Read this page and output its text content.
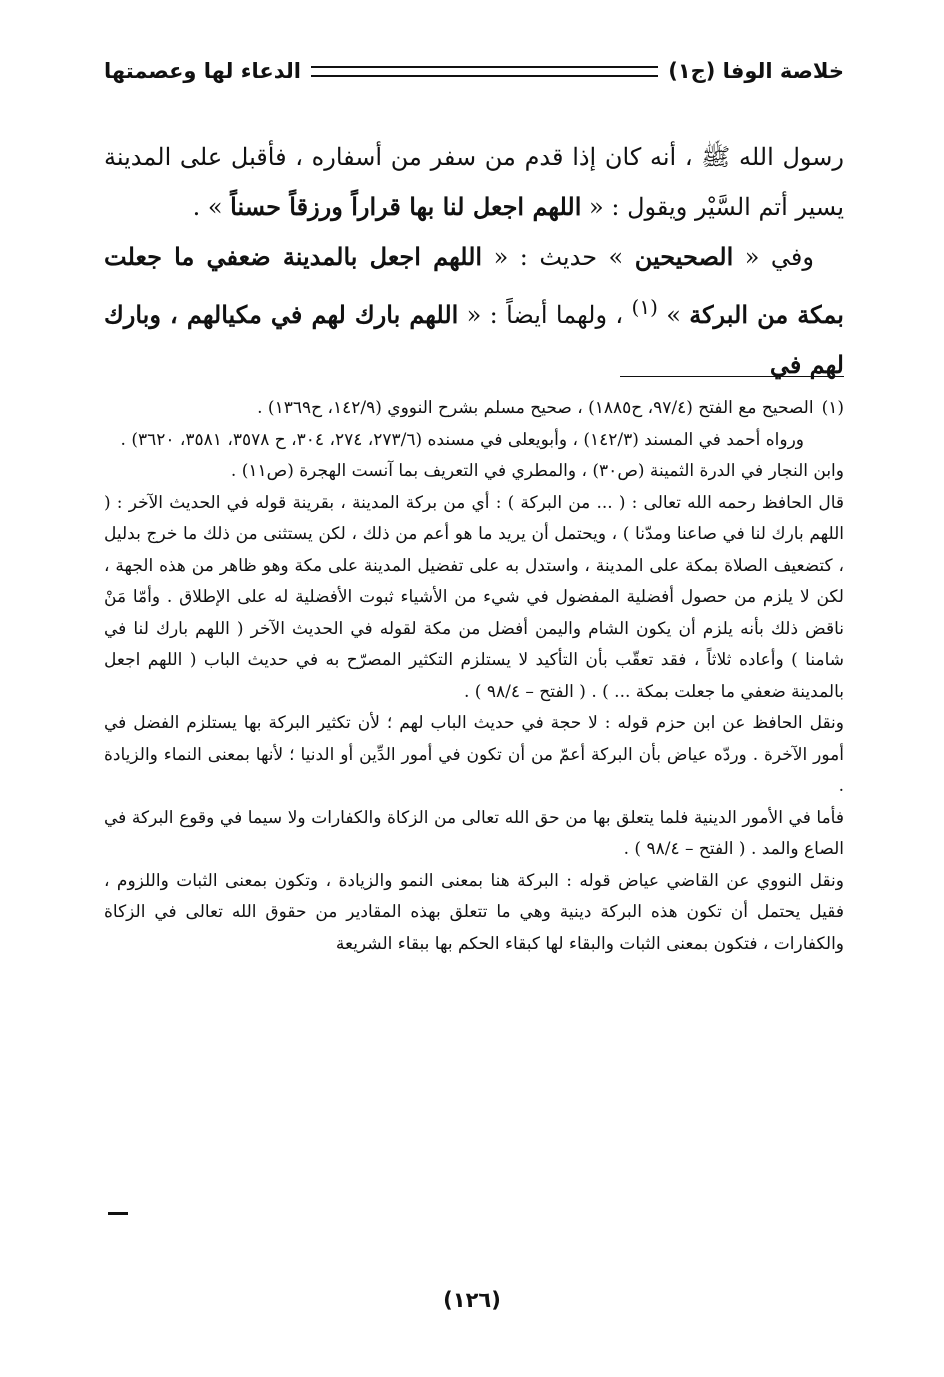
خلاصة الوفا (ج١)
الدعاء لها وعصمتها

رسول الله ﷺ ، أنه كان إذا قدم من سفر من أسفاره ، فأقبل على المدينة يسير أتم السَّيْر ويقول : « اللهم اجعل لنا بها قراراً ورزقاً حسناً » .

وفي « الصحيحين » حديث : « اللهم اجعل بالمدينة ضعفي ما جعلت بمكة من البركة » $^{(١)}$ ، ولهما أيضاً : « اللهم بارك لهم في مكيالهم ، وبارك لهم في

(١)
الصحيح مع الفتح (٩٧/٤، ح١٨٨٥) ، صحيح مسلم بشرح النووي (١٤٢/٩، ح١٣٦٩) .

ورواه أحمد في المسند (١٤٢/٣) ، وأبويعلى في مسنده (٢٧٣/٦، ٢٧٤، ٣٠٤، ح ٣٥٧٨، ٣٥٨١، ٣٦٢٠) .

وابن النجار في الدرة الثمينة (ص٣٠) ، والمطري في التعريف بما آنست الهجرة (ص١١) .

قال الحافظ رحمه الله تعالى : ( ... من البركة ) : أي من بركة المدينة ، بقرينة قوله في الحديث الآخر : ( اللهم بارك لنا في صاعنا ومدّنا ) ، ويحتمل أن يريد ما هو أعم من ذلك ، لكن يستثنى من ذلك ما خرج بدليل ، كتضعيف الصلاة بمكة على المدينة ، واستدل به على تفضيل المدينة على مكة وهو ظاهر من هذه الجهة ، لكن لا يلزم من حصول أفضلية المفضول في شيء من الأشياء ثبوت الأفضلية له على الإطلاق . وأمّا مَنْ ناقض ذلك بأنه يلزم أن يكون الشام واليمن أفضل من مكة لقوله في الحديث الآخر ( اللهم بارك لنا في شامنا ) وأعاده ثلاثاً ، فقد تعقّب بأن التأكيد لا يستلزم التكثير المصرّح به في حديث الباب ( اللهم اجعل بالمدينة ضعفي ما جعلت بمكة ... ) . ( الفتح – ٩٨/٤ ) .

ونقل الحافظ عن ابن حزم قوله : لا حجة في حديث الباب لهم ؛ لأن تكثير البركة بها يستلزم الفضل في أمور الآخرة . وردّه عياض بأن البركة أعمّ من أن تكون في أمور الدِّين أو الدنيا ؛ لأنها بمعنى النماء والزيادة .

فأما في الأمور الدينية فلما يتعلق بها من حق الله تعالى من الزكاة والكفارات ولا سيما في وقوع البركة في الصاع والمد . ( الفتح – ٩٨/٤ ) .

ونقل النووي عن القاضي عياض قوله : البركة هنا بمعنى النمو والزيادة ، وتكون بمعنى الثبات واللزوم ، فقيل يحتمل أن تكون هذه البركة دينية وهي ما تتعلق بهذه المقادير من حقوق الله تعالى في الزكاة والكفارات ، فتكون بمعنى الثبات والبقاء لها كبقاء الحكم بها ببقاء الشريعة

(١٢٦)
